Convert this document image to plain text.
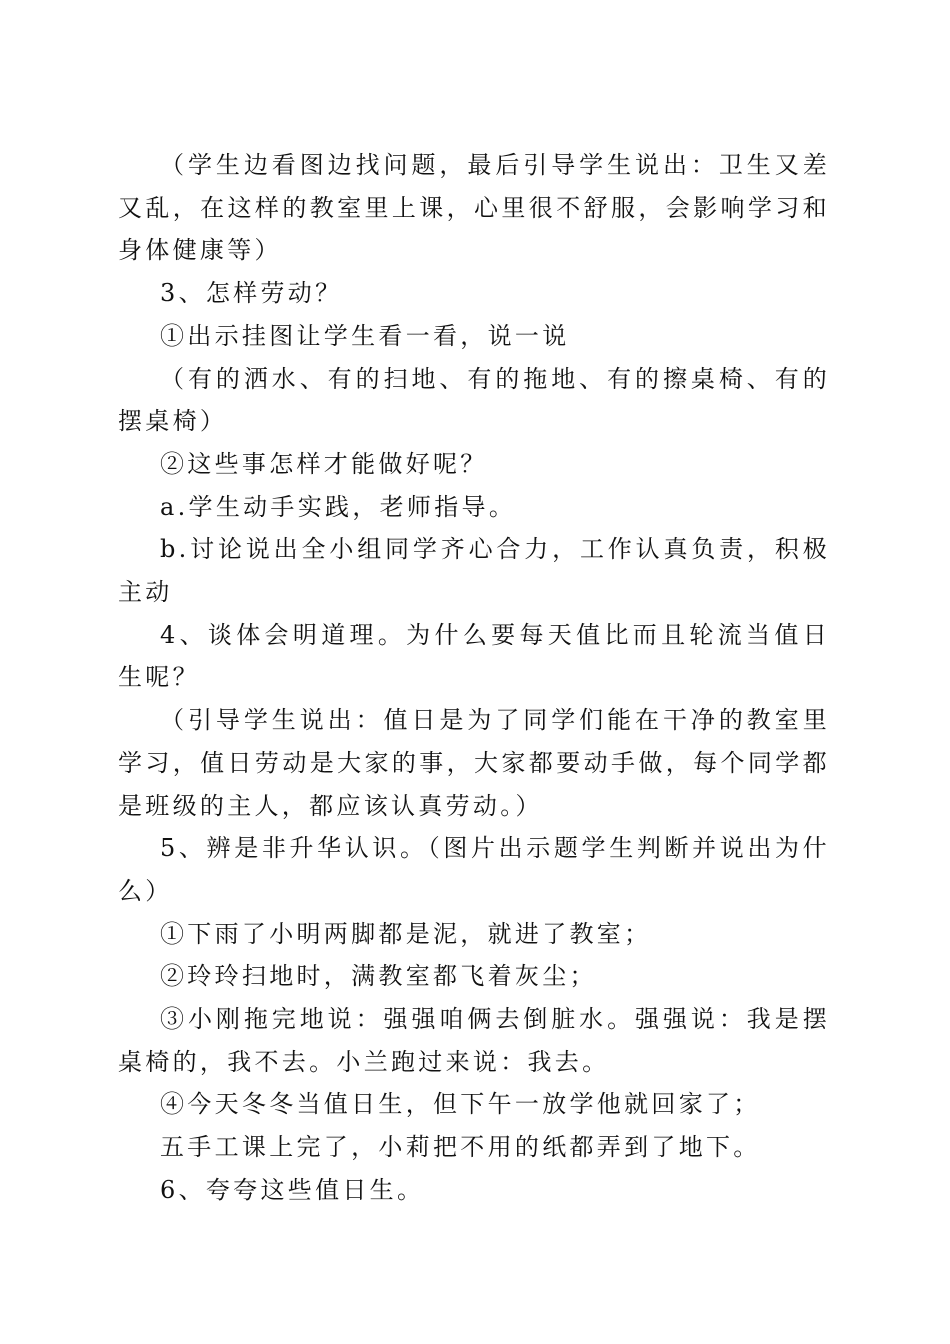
（学生边看图边找问题，最后引导学生说出：卫生又差又乱，在这样的教室里上课，心里很不舒服，会影响学习和身体健康等）

3、怎样劳动？

①出示挂图让学生看一看，说一说

（有的洒水、有的扫地、有的拖地、有的擦桌椅、有的摆桌椅）

②这些事怎样才能做好呢？

a.学生动手实践，老师指导。

b.讨论说出全小组同学齐心合力，工作认真负责，积极主动

4、谈体会明道理。为什么要每天值比而且轮流当值日生呢？

（引导学生说出：值日是为了同学们能在干净的教室里学习，值日劳动是大家的事，大家都要动手做，每个同学都是班级的主人，都应该认真劳动。）

5、辨是非升华认识。（图片出示题学生判断并说出为什么）

①下雨了小明两脚都是泥，就进了教室；

②玲玲扫地时，满教室都飞着灰尘；

③小刚拖完地说：强强咱俩去倒脏水。强强说：我是摆桌椅的，我不去。小兰跑过来说：我去。

④今天冬冬当值日生，但下午一放学他就回家了；

五手工课上完了，小莉把不用的纸都弄到了地下。

6、夸夸这些值日生。
